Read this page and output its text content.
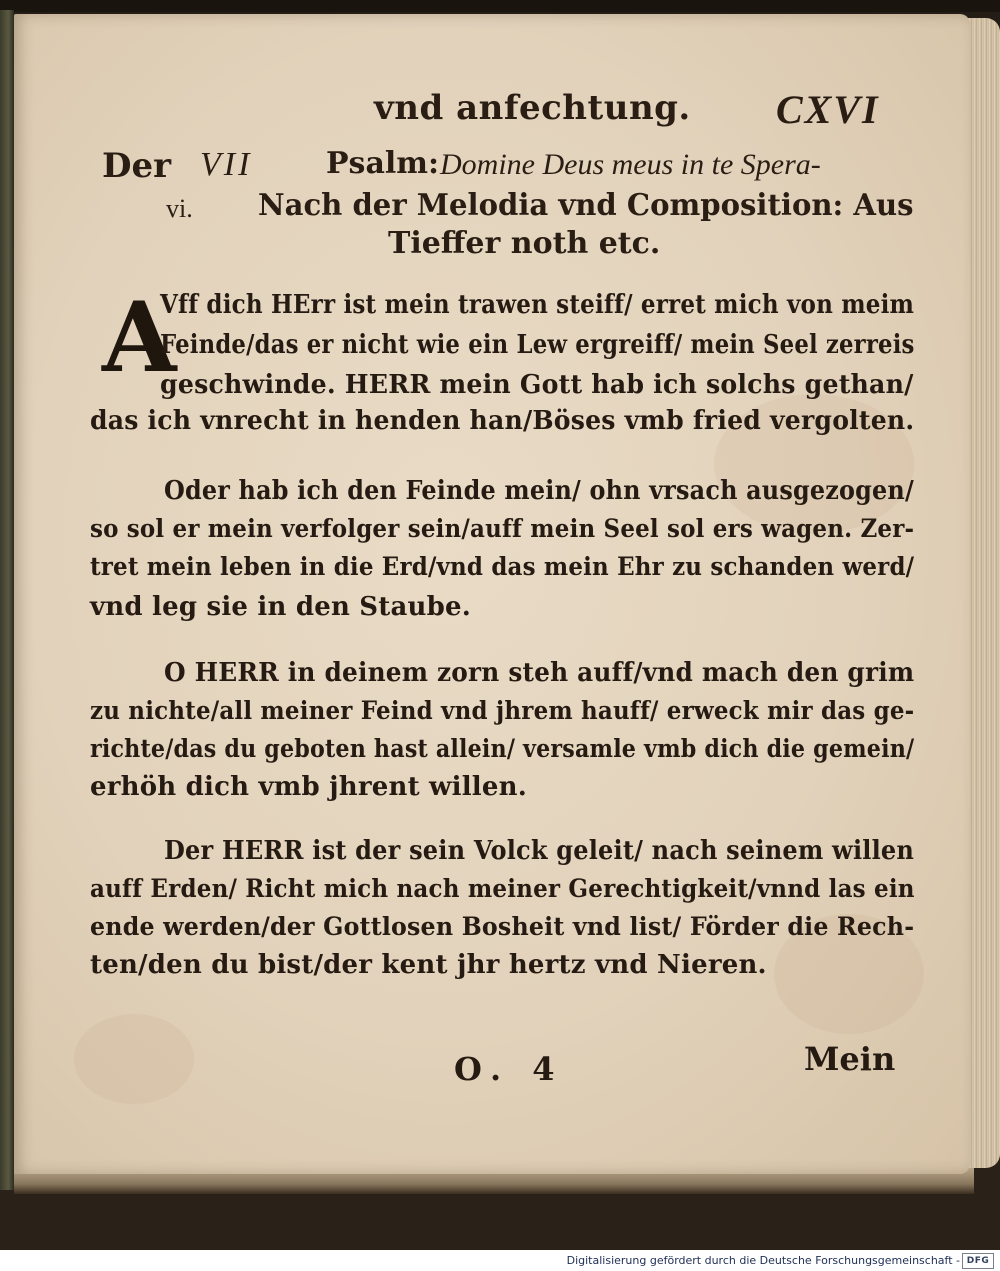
vnd anfechtung. CXVI
Der VII Psalm: Domine Deus meus in te Spera-
vi. Nach der Melodia vnd Composition: Aus
Tieffer noth etc.
A
Vff dich HErr ist mein trawen steiff/ erret mich von meim
Feinde/das er nicht wie ein Lew ergreiff/ mein Seel zerreis
geschwinde. HERR mein Gott hab ich solchs gethan/
das ich vnrecht in henden han/Böses vmb fried vergolten.
Oder hab ich den Feinde mein/ ohn vrsach ausgezogen/
so sol er mein verfolger sein/auff mein Seel sol ers wagen. Zer-
tret mein leben in die Erd/vnd das mein Ehr zu schanden werd/
vnd leg sie in den Staube.
O HERR in deinem zorn steh auff/vnd mach den grim
zu nichte/all meiner Feind vnd jhrem hauff/ erweck mir das ge-
richte/das du geboten hast allein/ versamle vmb dich die gemein/
erhöh dich vmb jhrent willen.
Der HERR ist der sein Volck geleit/ nach seinem willen
auff Erden/ Richt mich nach meiner Gerechtigkeit/vnnd las ein
ende werden/der Gottlosen Bosheit vnd list/ Förder die Rech-
ten/den du bist/der kent jhr hertz vnd Nieren.
O. 4	Mein
Digitalisierung gefördert durch die Deutsche Forschungsgemeinschaft - DFG
